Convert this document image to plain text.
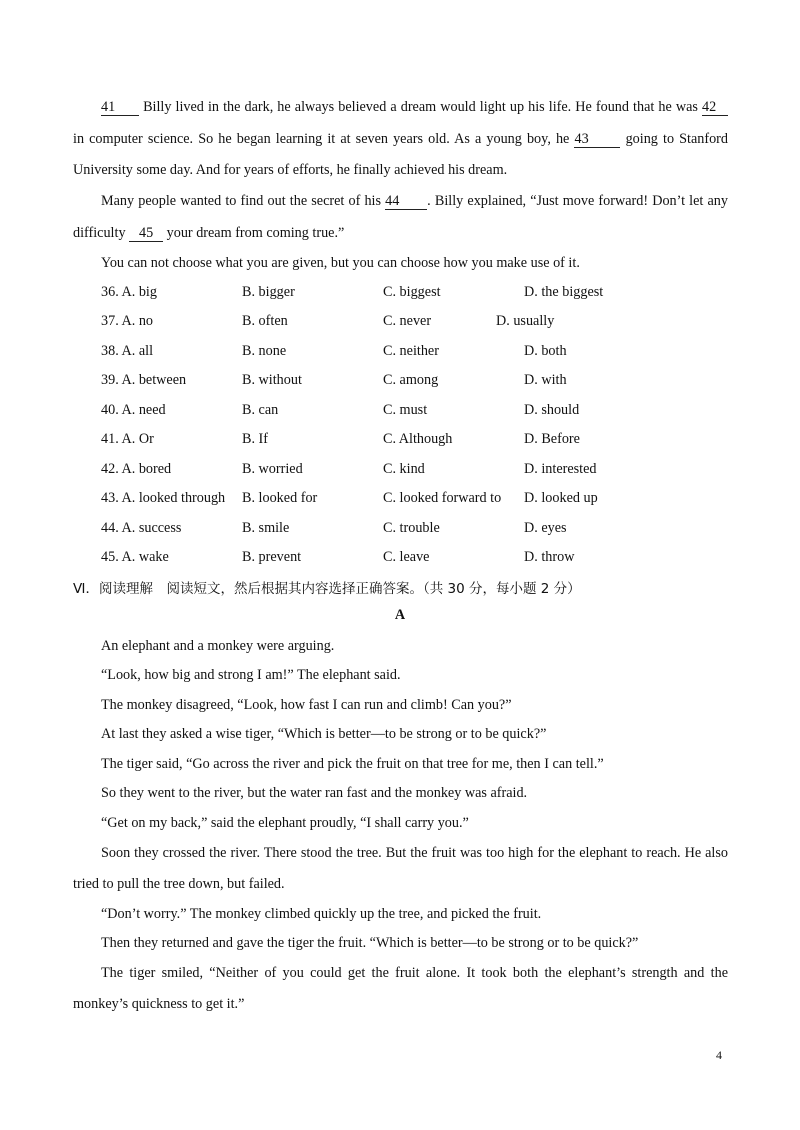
41 Billy lived in the dark, he always believed a dream would light up his life. He found that he was 42
in computer science. So he began learning it at seven years old. As a young boy, he 43	going to Stanford
University some day. And for years of efforts, he finally achieved his dream.
Many people wanted to find out the secret of his 44 . Billy explained, “Just move forward! Don’t let any
difficulty 45 your dream from coming true.”
You can not choose what you are given, but you can choose how you make use of it.
36. A. big	B. bigger	C. biggest	D. the biggest
37. A. no	B. often	C. never	D. usually
38. A. all	B. none	C. neither	D. both
39. A. between	B. without	C. among	D. with
40. A. need	B. can	C. must	D. should
41. A. Or	B. If	C. Although	D. Before
42. A. bored	B. worried	C. kind	D. interested
43. A. looked through B. looked for	C. looked forward to D. looked up
44. A. success	B. smile	C. trouble	D. eyes
45. A. wake	B. prevent	C. leave	D. throw
Ⅵ．阅读理解　阅读短文，然后根据其内容选择正确答案。（共 30 分，每小题 2 分）
A
An elephant and a monkey were arguing.
“Look, how big and strong I am!” The elephant said.
The monkey disagreed, “Look, how fast I can run and climb! Can you?”
At last they asked a wise tiger, “Which is better—to be strong or to be quick?”
The tiger said, “Go across the river and pick the fruit on that tree for me, then I can tell.”
So they went to the river, but the water ran fast and the monkey was afraid.
“Get on my back,” said the elephant proudly, “I shall carry you.”
Soon they crossed the river. There stood the tree. But the fruit was too high for the elephant to reach. He also
tried to pull the tree down, but failed.
“Don’t worry.” The monkey climbed quickly up the tree, and picked the fruit.
Then they returned and gave the tiger the fruit. “Which is better—to be strong or to be quick?”
The tiger smiled, “Neither of you could get the fruit alone. It took both the elephant’s strength and the
monkey’s quickness to get it.”
4
